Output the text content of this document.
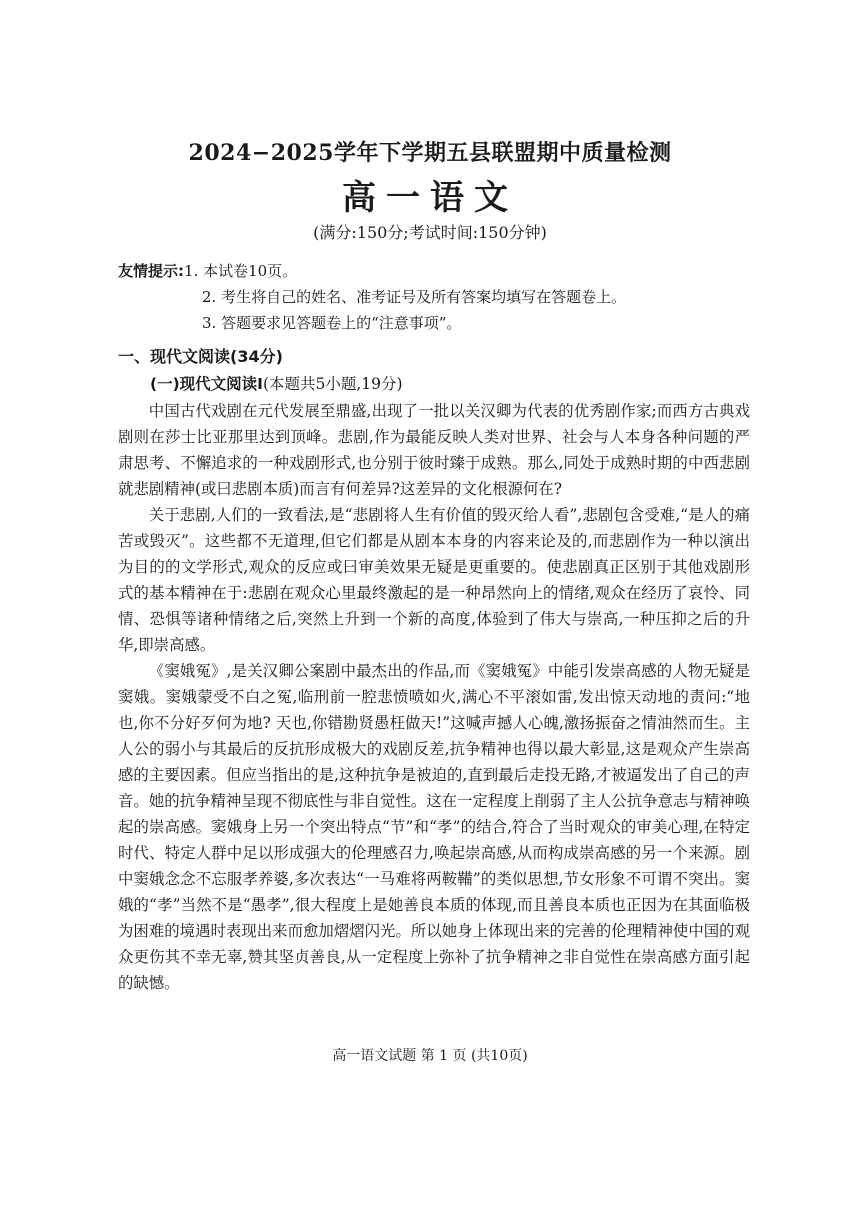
2024−2025学年下学期五县联盟期中质量检测
高一语文
(满分:150分;考试时间:150分钟)
友情提示:1. 本试卷10页。
2. 考生将自己的姓名、准考证号及所有答案均填写在答题卷上。
3. 答题要求见答题卷上的“注意事项”。
一、现代文阅读(34分)
(一)现代文阅读Ⅰ(本题共5小题,19分)

中国古代戏剧在元代发展至鼎盛,出现了一批以关汉卿为代表的优秀剧作家;而西方古典戏剧则在莎士比亚那里达到顶峰。悲剧,作为最能反映人类对世界、社会与人本身各种问题的严肃思考、不懈追求的一种戏剧形式,也分别于彼时臻于成熟。那么,同处于成熟时期的中西悲剧就悲剧精神(或曰悲剧本质)而言有何差异?这差异的文化根源何在?

关于悲剧,人们的一致看法,是“悲剧将人生有价值的毁灭给人看”,悲剧包含受难,“是人的痛苦或毁灭”。这些都不无道理,但它们都是从剧本本身的内容来论及的,而悲剧作为一种以演出为目的的文学形式,观众的反应或曰审美效果无疑是更重要的。使悲剧真正区别于其他戏剧形式的基本精神在于:悲剧在观众心里最终激起的是一种昂然向上的情绪,观众在经历了哀怜、同情、恐惧等诸种情绪之后,突然上升到一个新的高度,体验到了伟大与崇高,一种压抑之后的升华,即崇高感。

《窦娥冤》,是关汉卿公案剧中最杰出的作品,而《窦娥冤》中能引发崇高感的人物无疑是窦娥。窦娥蒙受不白之冤,临刑前一腔悲愤喷如火,满心不平滚如雷,发出惊天动地的责问:“地也,你不分好歹何为地? 天也,你错勘贤愚枉做天!”这喊声撼人心魄,激扬振奋之情油然而生。主人公的弱小与其最后的反抗形成极大的戏剧反差,抗争精神也得以最大彰显,这是观众产生崇高感的主要因素。但应当指出的是,这种抗争是被迫的,直到最后走投无路,才被逼发出了自己的声音。她的抗争精神呈现不彻底性与非自觉性。这在一定程度上削弱了主人公抗争意志与精神唤起的崇高感。窦娥身上另一个突出特点“节”和“孝”的结合,符合了当时观众的审美心理,在特定时代、特定人群中足以形成强大的伦理感召力,唤起崇高感,从而构成崇高感的另一个来源。剧中窦娥念念不忘服孝养婆,多次表达“一马难将两鞍鞴”的类似思想,节女形象不可谓不突出。窦娥的“孝”当然不是“愚孝”,很大程度上是她善良本质的体现,而且善良本质也正因为在其面临极为困难的境遇时表现出来而愈加熠熠闪光。所以她身上体现出来的完善的伦理精神使中国的观众更伤其不幸无辜,赞其坚贞善良,从一定程度上弥补了抗争精神之非自觉性在崇高感方面引起的缺憾。

高一语文试题 第 1 页 (共10页)
